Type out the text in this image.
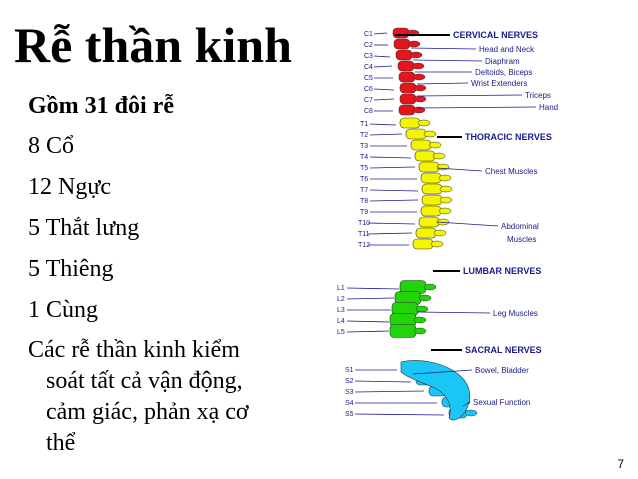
Rễ thần kinh
Gồm 31 đôi rễ
8 Cổ
12 Ngực
5 Thắt lưng
5 Thiêng
1 Cùng
Các rễ thần kinh kiểm
soát tất cả vận động,
cảm giác, phản xạ cơ
thể
C1
C2
C3
C4
C5
C6
C7
C8
T1
T2
T3
T4
T5
T6
T7
T8
T9
T10
T11
T12
L1
L2
L3
L4
L5
S1
S2
S3
S4
S5
CERVICAL NERVES
THORACIC NERVES
LUMBAR NERVES
SACRAL NERVES
Head and Neck
Diaphram
Deltoids, Biceps
Wrist Extenders
Triceps
Hand
Chest Muscles
Abdominal
Muscles
Leg Muscles
Bowel, Bladder
Sexual Function
7
